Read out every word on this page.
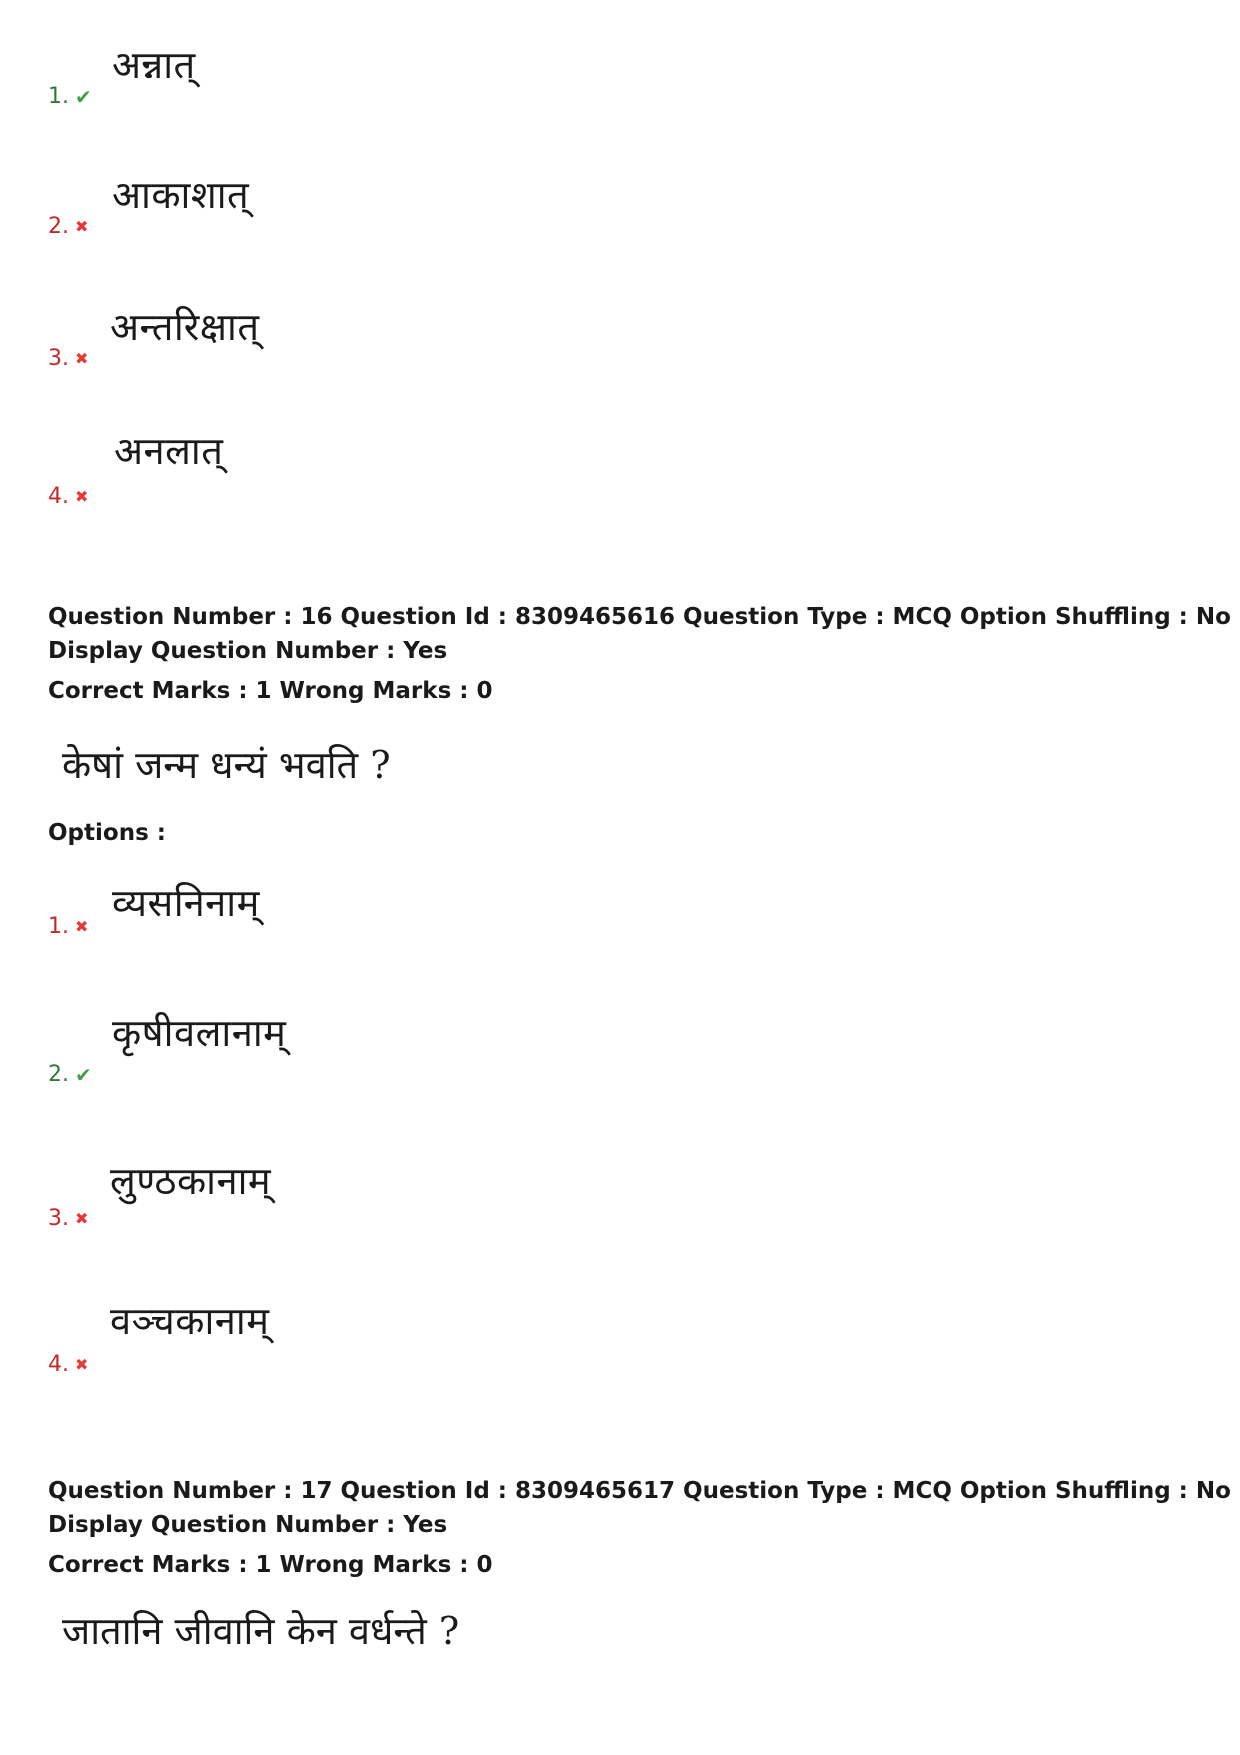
अन्नात्
1. ✔
आकाशात्
2. ✖
अन्तरिक्षात्
3. ✖
अनलात्
4. ✖
Question Number : 16 Question Id : 8309465616 Question Type : MCQ Option Shuffling : No
Display Question Number : Yes
Correct Marks : 1 Wrong Marks : 0
केषां जन्म धन्यं भवति ?
Options :
व्यसनिनाम्
1. ✖
कृषीवलानाम्
2. ✔
लुण्ठकानाम्
3. ✖
वञ्चकानाम्
4. ✖
Question Number : 17 Question Id : 8309465617 Question Type : MCQ Option Shuffling : No
Display Question Number : Yes
Correct Marks : 1 Wrong Marks : 0
जातानि जीवानि केन वर्धन्ते ?
